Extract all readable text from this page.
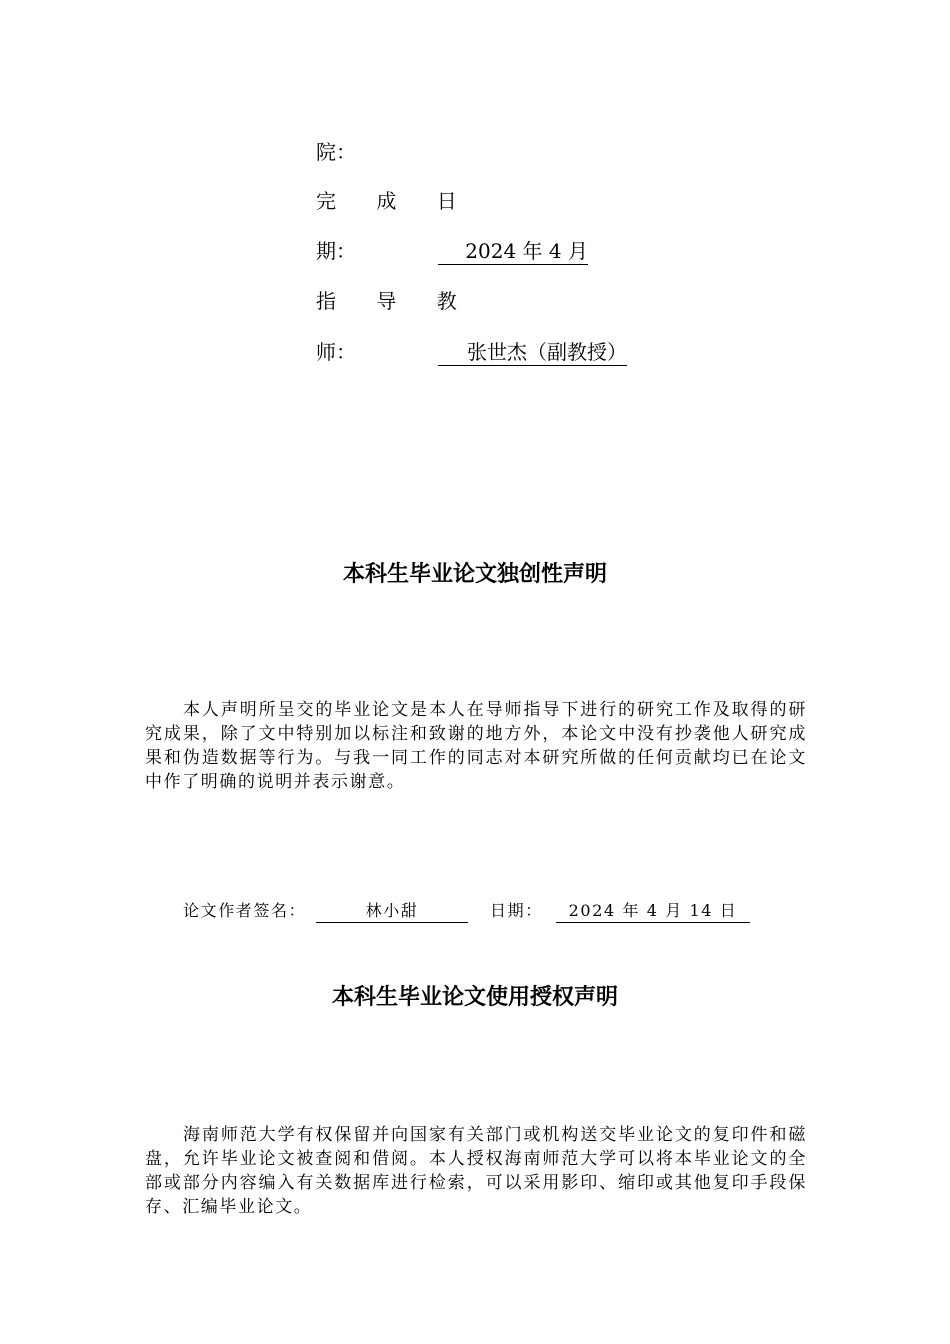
院：
完 成 日
期：	2024 年 4 月
指 导 教
师：	张世杰（副教授）
本科生毕业论文独创性声明
本人声明所呈交的毕业论文是本人在导师指导下进行的研究工作及取得的研究成果，除了文中特别加以标注和致谢的地方外，本论文中没有抄袭他人研究成果和伪造数据等行为。与我一同工作的同志对本研究所做的任何贡献均已在论文中作了明确的说明并表示谢意。
论文作者签名：	林小甜	日期：	2024 年 4 月 14 日
本科生毕业论文使用授权声明
海南师范大学有权保留并向国家有关部门或机构送交毕业论文的复印件和磁盘，允许毕业论文被查阅和借阅。本人授权海南师范大学可以将本毕业论文的全部或部分内容编入有关数据库进行检索，可以采用影印、缩印或其他复印手段保存、汇编毕业论文。
